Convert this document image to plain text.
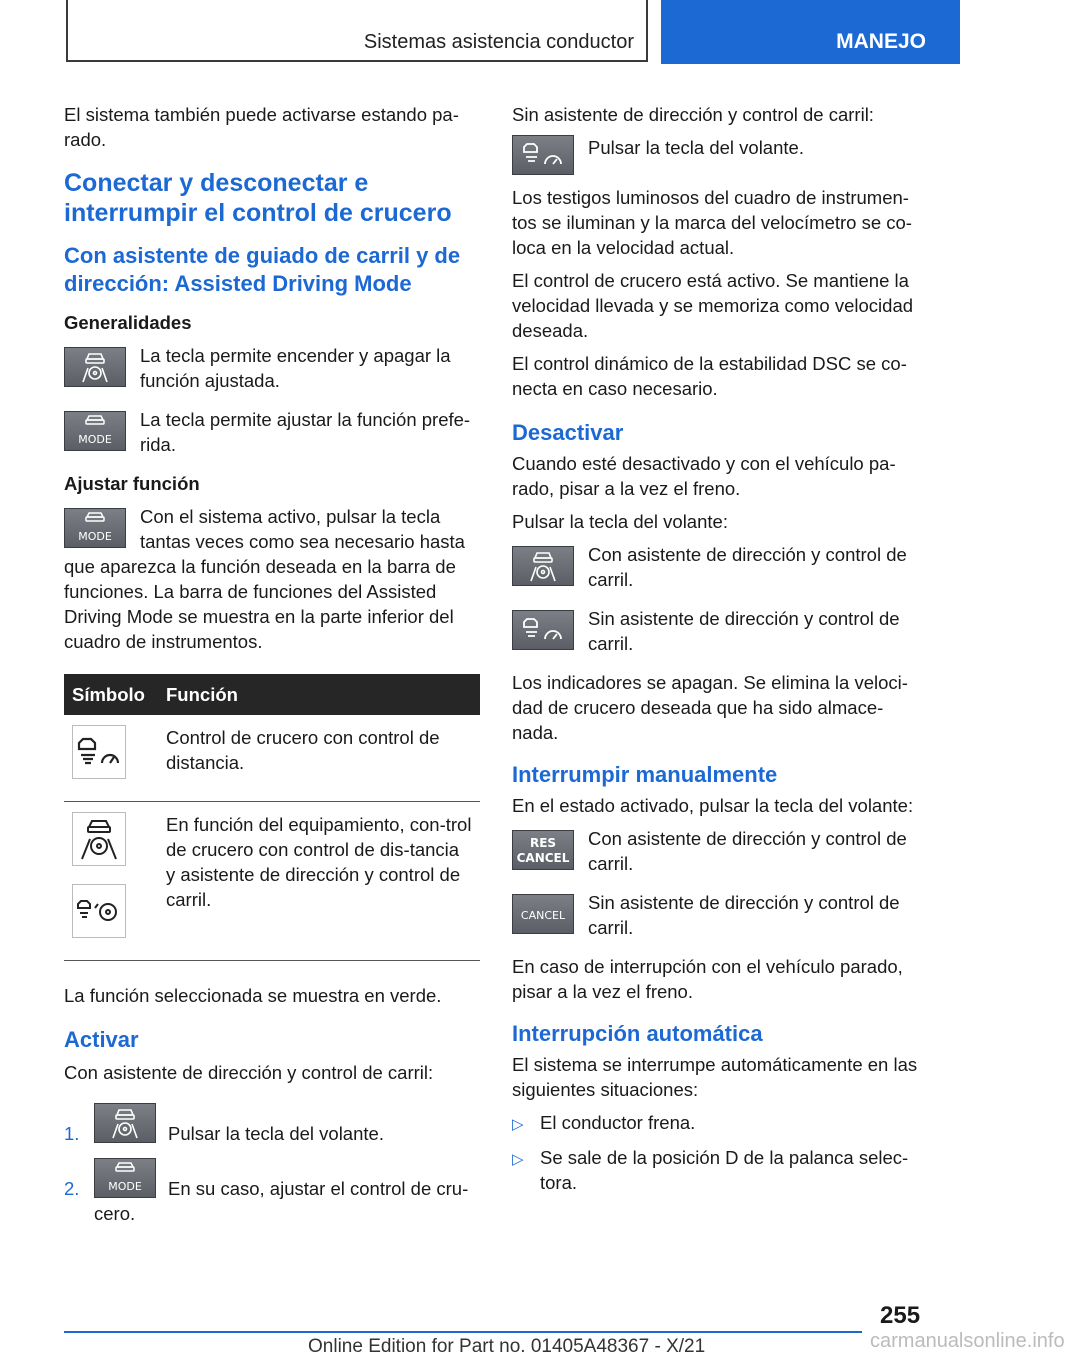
Sistemas asistencia conductor	MANEJO

El sistema también puede activarse estando pa-rado.

Conectar y desconectar e interrumpir el control de crucero
Con asistente de guiado de carril y de dirección: Assisted Driving Mode
Generalidades
La tecla permite encender y apagar la función ajustada.
MODE
La tecla permite ajustar la función prefe-rida.
Ajustar función
MODE
Con el sistema activo, pulsar la tecla tantas veces como sea necesario hasta que aparezca la función deseada en la barra de funciones. La barra de funciones del Assisted Driving Mode se muestra en la parte inferior del cuadro de instrumentos.
Símbolo	Función

	Control de crucero con control de distancia.

	En función del equipamiento, con-trol de crucero con control de dis-tancia y asistente de dirección y control de carril.

La función seleccionada se muestra en verde.

Activar

Con asistente de dirección y control de carril:

1.	Pulsar la tecla del volante.
2.	MODE	En su caso, ajustar el control de cru-cero.

Sin asistente de dirección y control de carril:

Pulsar la tecla del volante.

Los testigos luminosos del cuadro de instrumen-tos se iluminan y la marca del velocímetro se co-loca en la velocidad actual.

El control de crucero está activo. Se mantiene la velocidad llevada y se memoriza como velocidad deseada.

El control dinámico de la estabilidad DSC se co-necta en caso necesario.

Desactivar

Cuando esté desactivado y con el vehículo pa-rado, pisar a la vez el freno.

Pulsar la tecla del volante:

Con asistente de dirección y control de carril.
Sin asistente de dirección y control de carril.

Los indicadores se apagan. Se elimina la veloci-dad de crucero deseada que ha sido almace-nada.

Interrumpir manualmente

En el estado activado, pulsar la tecla del volante:

RES
CANCEL
Con asistente de dirección y control de carril.
CANCEL
Sin asistente de dirección y control de carril.

En caso de interrupción con el vehículo parado, pisar a la vez el freno.

Interrupción automática

El sistema se interrumpe automáticamente en las siguientes situaciones:

▷ El conductor frena.
▷ Se sale de la posición D de la palanca selec-tora.
255
Online Edition for Part no. 01405A48367 - X/21	carmanualsonline.info
